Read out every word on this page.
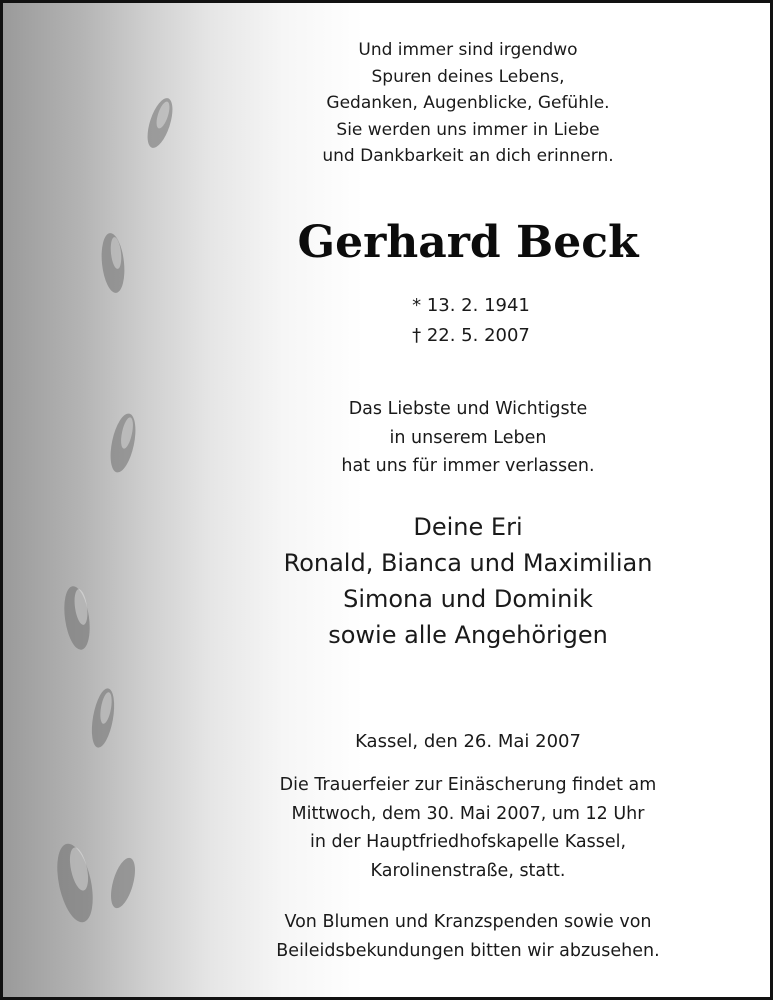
Und immer sind irgendwo
Spuren deines Lebens,
Gedanken, Augenblicke, Gefühle.
Sie werden uns immer in Liebe
und Dankbarkeit an dich erinnern.
Gerhard Beck
* 13. 2. 1941
† 22. 5. 2007
Das Liebste und Wichtigste
in unserem Leben
hat uns für immer verlassen.
Deine Eri
Ronald, Bianca und Maximilian
Simona und Dominik
sowie alle Angehörigen
Kassel, den 26. Mai 2007
Die Trauerfeier zur Einäscherung findet am
Mittwoch, dem 30. Mai 2007, um 12 Uhr
in der Hauptfriedhofskapelle Kassel,
Karolinenstraße, statt.
Von Blumen und Kranzspenden sowie von
Beileidsbekundungen bitten wir abzusehen.
